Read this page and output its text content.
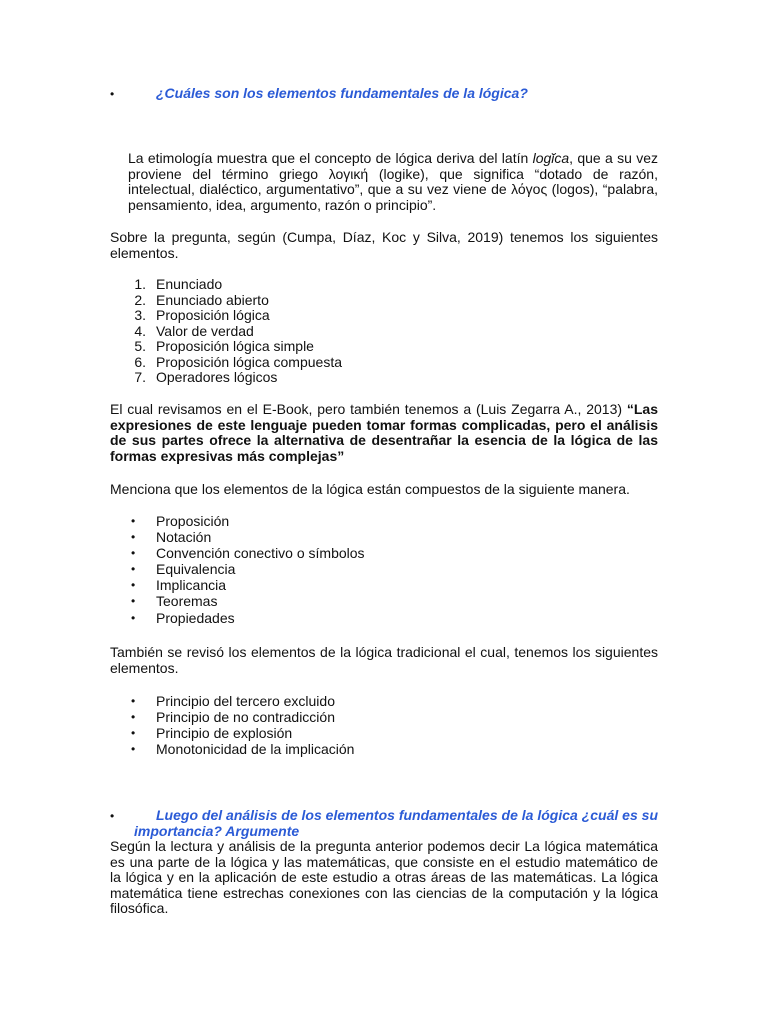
•	¿Cuáles son los elementos fundamentales de la lógica?
La etimología muestra que el concepto de lógica deriva del latín logĭca, que a su vez proviene del término griego λογική (logike), que significa “dotado de razón, intelectual, dialéctico, argumentativo”, que a su vez viene de λόγος (logos), “palabra, pensamiento, idea, argumento, razón o principio”.
Sobre la pregunta, según (Cumpa, Díaz, Koc y Silva, 2019) tenemos los siguientes elementos.
1. Enunciado
2. Enunciado abierto
3. Proposición lógica
4. Valor de verdad
5. Proposición lógica simple
6. Proposición lógica compuesta
7. Operadores lógicos
El cual revisamos en el E-Book, pero también tenemos a (Luis Zegarra A., 2013) “Las expresiones de este lenguaje pueden tomar formas complicadas, pero el análisis de sus partes ofrece la alternativa de desentrañar la esencia de la lógica de las formas expresivas más complejas”
Menciona que los elementos de la lógica están compuestos de la siguiente manera.
• Proposición
• Notación
• Convención conectivo o símbolos
• Equivalencia
• Implicancia
• Teoremas
• Propiedades
También se revisó los elementos de la lógica tradicional el cual, tenemos los siguientes elementos.
• Principio del tercero excluido
• Principio de no contradicción
• Principio de explosión
• Monotonicidad de la implicación
•	Luego del análisis de los elementos fundamentales de la lógica ¿cuál es su importancia? Argumente
Según la lectura y análisis de la pregunta anterior podemos decir La lógica matemática es una parte de la lógica y las matemáticas, que consiste en el estudio matemático de la lógica y en la aplicación de este estudio a otras áreas de las matemáticas. La lógica matemática tiene estrechas conexiones con las ciencias de la computación y la lógica filosófica.
